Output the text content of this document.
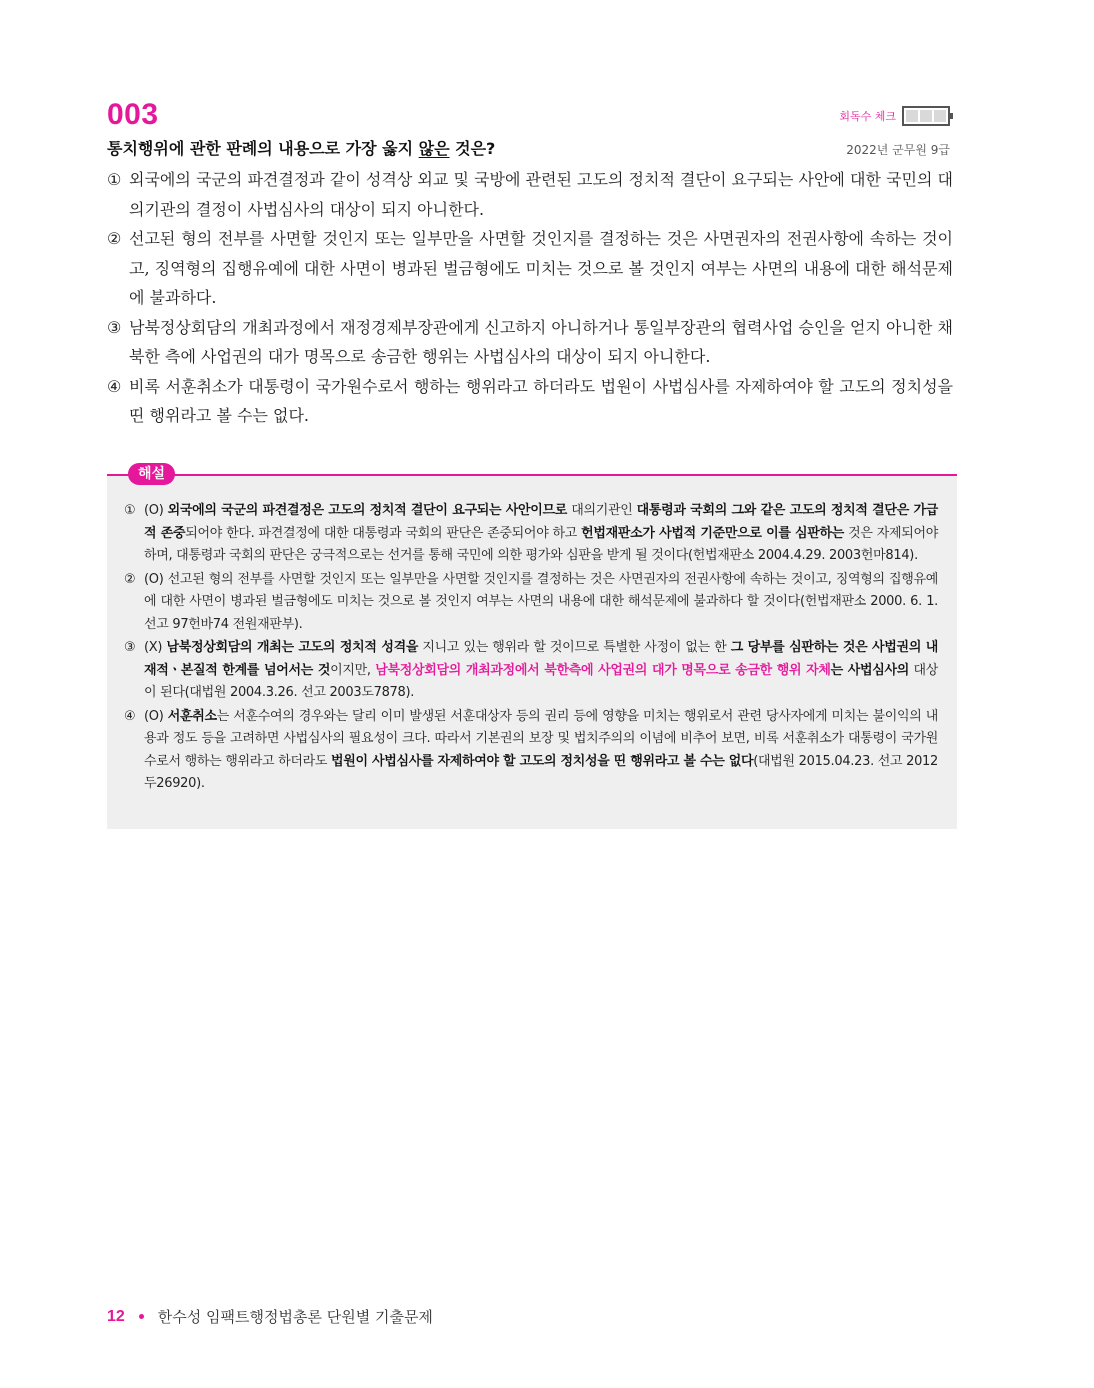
003	회독수 체크
통치행위에 관한 판례의 내용으로 가장 옳지 않은 것은?	2022년 군무원 9급
① 외국에의 국군의 파견결정과 같이 성격상 외교 및 국방에 관련된 고도의 정치적 결단이 요구되는 사안에 대한 국민의 대의기관의 결정이 사법심사의 대상이 되지 아니한다.
② 선고된 형의 전부를 사면할 것인지 또는 일부만을 사면할 것인지를 결정하는 것은 사면권자의 전권사항에 속하는 것이고, 징역형의 집행유예에 대한 사면이 병과된 벌금형에도 미치는 것으로 볼 것인지 여부는 사면의 내용에 대한 해석문제에 불과하다.
③ 남북정상회담의 개최과정에서 재정경제부장관에게 신고하지 아니하거나 통일부장관의 협력사업 승인을 얻지 아니한 채 북한 측에 사업권의 대가 명목으로 송금한 행위는 사법심사의 대상이 되지 아니한다.
④ 비록 서훈취소가 대통령이 국가원수로서 행하는 행위라고 하더라도 법원이 사법심사를 자제하여야 할 고도의 정치성을 띤 행위라고 볼 수는 없다.
해설
① (O) 외국에의 국군의 파견결정은 고도의 정치적 결단이 요구되는 사안이므로 대의기관인 대통령과 국회의 그와 같은 고도의 정치적 결단은 가급적 존중되어야 한다. 파견결정에 대한 대통령과 국회의 판단은 존중되어야 하고 헌법재판소가 사법적 기준만으로 이를 심판하는 것은 자제되어야 하며, 대통령과 국회의 판단은 궁극적으로는 선거를 통해 국민에 의한 평가와 심판을 받게 될 것이다(헌법재판소 2004.4.29. 2003헌마814).
② (O) 선고된 형의 전부를 사면할 것인지 또는 일부만을 사면할 것인지를 결정하는 것은 사면권자의 전권사항에 속하는 것이고, 징역형의 집행유예에 대한 사면이 병과된 벌금형에도 미치는 것으로 볼 것인지 여부는 사면의 내용에 대한 해석문제에 불과하다 할 것이다(헌법재판소 2000. 6. 1. 선고 97헌바74 전원재판부).
③ (X) 남북정상회담의 개최는 고도의 정치적 성격을 지니고 있는 행위라 할 것이므로 특별한 사정이 없는 한 그 당부를 심판하는 것은 사법권의 내재적ㆍ본질적 한계를 넘어서는 것이지만, 남북정상회담의 개최과정에서 북한측에 사업권의 대가 명목으로 송금한 행위 자체는 사법심사의 대상이 된다(대법원 2004.3.26. 선고 2003도7878).
④ (O) 서훈취소는 서훈수여의 경우와는 달리 이미 발생된 서훈대상자 등의 권리 등에 영향을 미치는 행위로서 관련 당사자에게 미치는 불이익의 내용과 정도 등을 고려하면 사법심사의 필요성이 크다. 따라서 기본권의 보장 및 법치주의의 이념에 비추어 보면, 비록 서훈취소가 대통령이 국가원수로서 행하는 행위라고 하더라도 법원이 사법심사를 자제하여야 할 고도의 정치성을 띤 행위라고 볼 수는 없다(대법원 2015.04.23. 선고 2012두26920).
12 한수성 임팩트행정법총론 단원별 기출문제
